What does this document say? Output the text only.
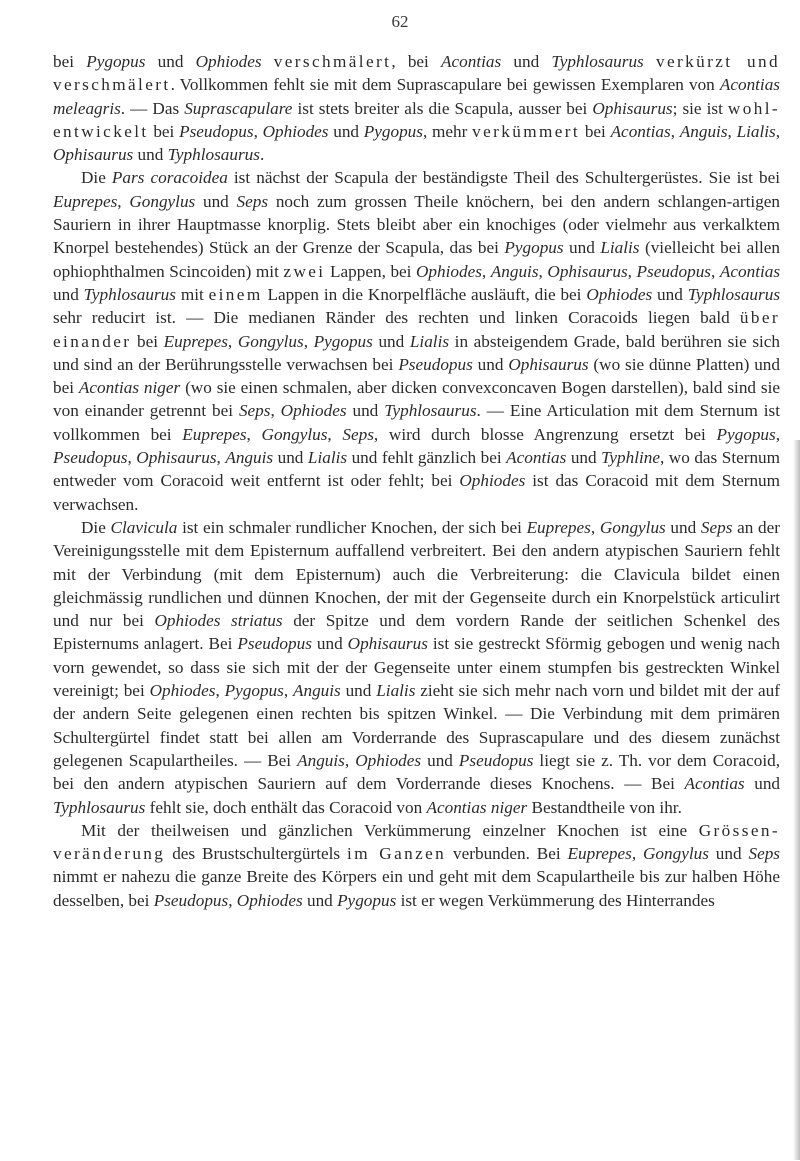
62

bei Pygopus und Ophiodes verschmälert, bei Acontias und Typhlosaurus verkürzt und verschmälert. Vollkommen fehlt sie mit dem Suprascapulare bei gewissen Exemplaren von Acontias meleagris. — Das Suprascapulare ist stets breiter als die Scapula, ausser bei Ophisaurus; sie ist wohl-entwickelt bei Pseudopus, Ophiodes und Pygopus, mehr verkümmert bei Acontias, Anguis, Lialis, Ophisaurus und Typhlosaurus.

Die Pars coracoidea ist nächst der Scapula der beständigste Theil des Schultergerüstes. Sie ist bei Euprepes, Gongylus und Seps noch zum grossen Theile knöchern, bei den andern schlangen-artigen Sauriern in ihrer Hauptmasse knorplig. Stets bleibt aber ein knochiges (oder vielmehr aus verkalktem Knorpel bestehendes) Stück an der Grenze der Scapula, das bei Pygopus und Lialis (vielleicht bei allen ophiophthalmen Scincoiden) mit zwei Lappen, bei Ophiodes, Anguis, Ophisaurus, Pseudopus, Acontias und Typhlosaurus mit einem Lappen in die Knorpelfläche ausläuft, die bei Ophiodes und Typhlosaurus sehr reducirt ist. — Die medianen Ränder des rechten und linken Coracoids liegen bald über einander bei Euprepes, Gongylus, Pygopus und Lialis in absteigendem Grade, bald berühren sie sich und sind an der Berührungsstelle verwachsen bei Pseudopus und Ophisaurus (wo sie dünne Platten) und bei Acontias niger (wo sie einen schmalen, aber dicken convexconcaven Bogen darstellen), bald sind sie von einander getrennt bei Seps, Ophiodes und Typhlosaurus. — Eine Articulation mit dem Sternum ist vollkommen bei Euprepes, Gongylus, Seps, wird durch blosse Angrenzung ersetzt bei Pygopus, Pseudopus, Ophisaurus, Anguis und Lialis und fehlt gänzlich bei Acontias und Typhline, wo das Sternum entweder vom Coracoid weit entfernt ist oder fehlt; bei Ophiodes ist das Coracoid mit dem Sternum verwachsen.

Die Clavicula ist ein schmaler rundlicher Knochen, der sich bei Euprepes, Gongylus und Seps an der Vereinigungsstelle mit dem Episternum auffallend verbreitert. Bei den andern atypischen Sauriern fehlt mit der Verbindung (mit dem Episternum) auch die Verbreiterung: die Clavicula bildet einen gleichmässig rundlichen und dünnen Knochen, der mit der Gegenseite durch ein Knorpelstück articulirt und nur bei Ophiodes striatus der Spitze und dem vordern Rande der seitlichen Schenkel des Episternums anlagert. Bei Pseudopus und Ophisaurus ist sie gestreckt Sförmig gebogen und wenig nach vorn gewendet, so dass sie sich mit der der Gegenseite unter einem stumpfen bis gestreckten Winkel vereinigt; bei Ophiodes, Pygopus, Anguis und Lialis zieht sie sich mehr nach vorn und bildet mit der auf der andern Seite gelegenen einen rechten bis spitzen Winkel. — Die Verbindung mit dem primären Schultergürtel findet statt bei allen am Vorderrande des Suprascapulare und des diesem zunächst gelegenen Scapulartheiles. — Bei Anguis, Ophiodes und Pseudopus liegt sie z. Th. vor dem Coracoid, bei den andern atypischen Sauriern auf dem Vorderrande dieses Knochens. — Bei Acontias und Typhlosaurus fehlt sie, doch enthält das Coracoid von Acontias niger Bestandtheile von ihr.

Mit der theilweisen und gänzlichen Verkümmerung einzelner Knochen ist eine Grössen-veränderung des Brustschultergürtels im Ganzen verbunden. Bei Euprepes, Gongylus und Seps nimmt er nahezu die ganze Breite des Körpers ein und geht mit dem Scapulartheile bis zur halben Höhe desselben, bei Pseudopus, Ophiodes und Pygopus ist er wegen Verkümmerung des Hinterrandes
